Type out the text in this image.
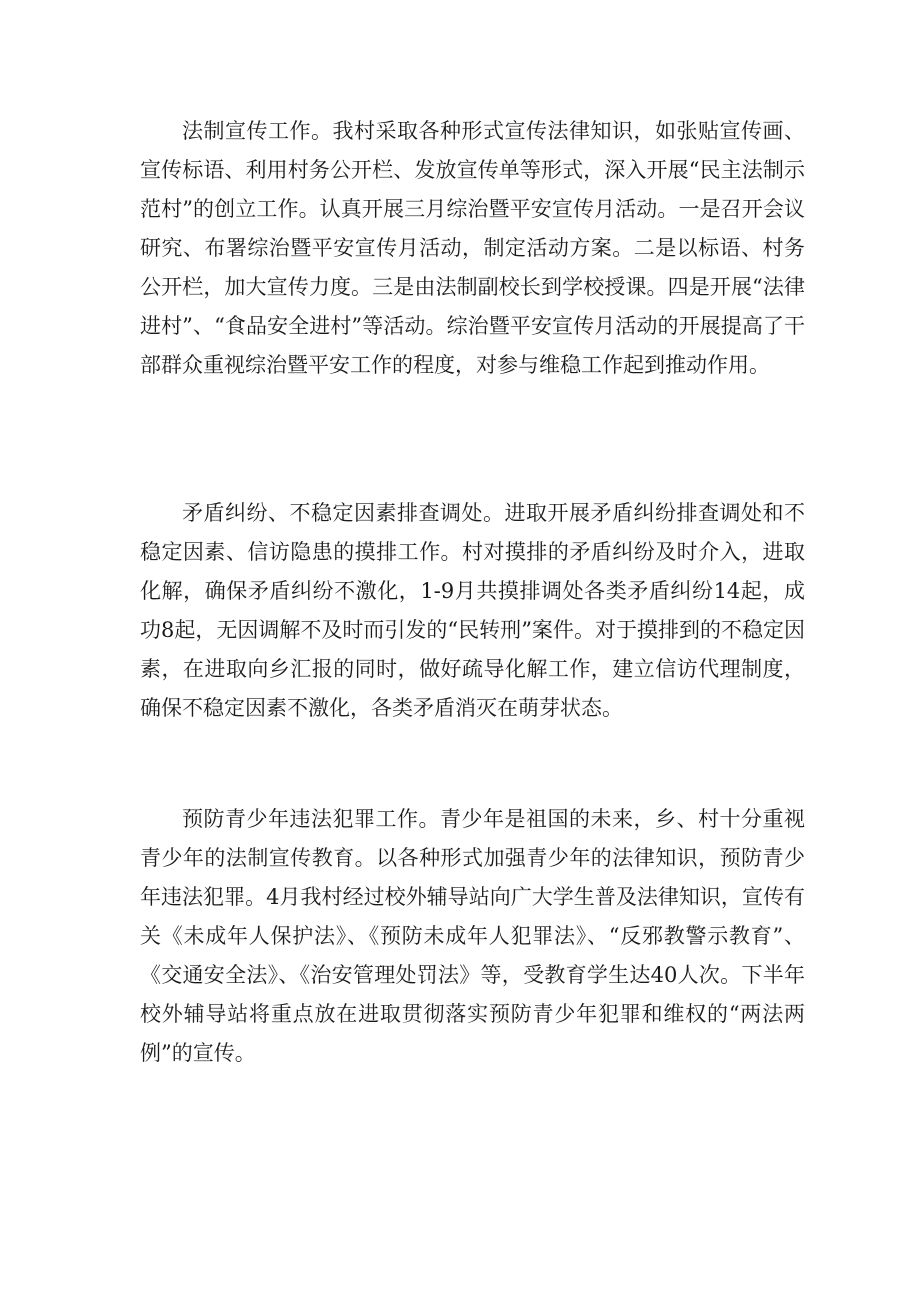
法制宣传工作。我村采取各种形式宣传法律知识，如张贴宣传画、宣传标语、利用村务公开栏、发放宣传单等形式，深入开展“民主法制示范村”的创立工作。认真开展三月综治暨平安宣传月活动。一是召开会议研究、布署综治暨平安宣传月活动，制定活动方案。二是以标语、村务公开栏，加大宣传力度。三是由法制副校长到学校授课。四是开展“法律进村”、“食品安全进村”等活动。综治暨平安宣传月活动的开展提高了干部群众重视综治暨平安工作的程度，对参与维稳工作起到推动作用。

矛盾纠纷、不稳定因素排查调处。进取开展矛盾纠纷排查调处和不稳定因素、信访隐患的摸排工作。村对摸排的矛盾纠纷及时介入，进取化解，确保矛盾纠纷不激化，1-9月共摸排调处各类矛盾纠纷14起，成功8起，无因调解不及时而引发的“民转刑”案件。对于摸排到的不稳定因素，在进取向乡汇报的同时，做好疏导化解工作，建立信访代理制度，确保不稳定因素不激化，各类矛盾消灭在萌芽状态。

预防青少年违法犯罪工作。青少年是祖国的未来，乡、村十分重视青少年的法制宣传教育。以各种形式加强青少年的法律知识，预防青少年违法犯罪。4月我村经过校外辅导站向广大学生普及法律知识，宣传有关《未成年人保护法》、《预防未成年人犯罪法》、“反邪教警示教育”、《交通安全法》、《治安管理处罚法》等，受教育学生达40人次。下半年校外辅导站将重点放在进取贯彻落实预防青少年犯罪和维权的“两法两例”的宣传。
